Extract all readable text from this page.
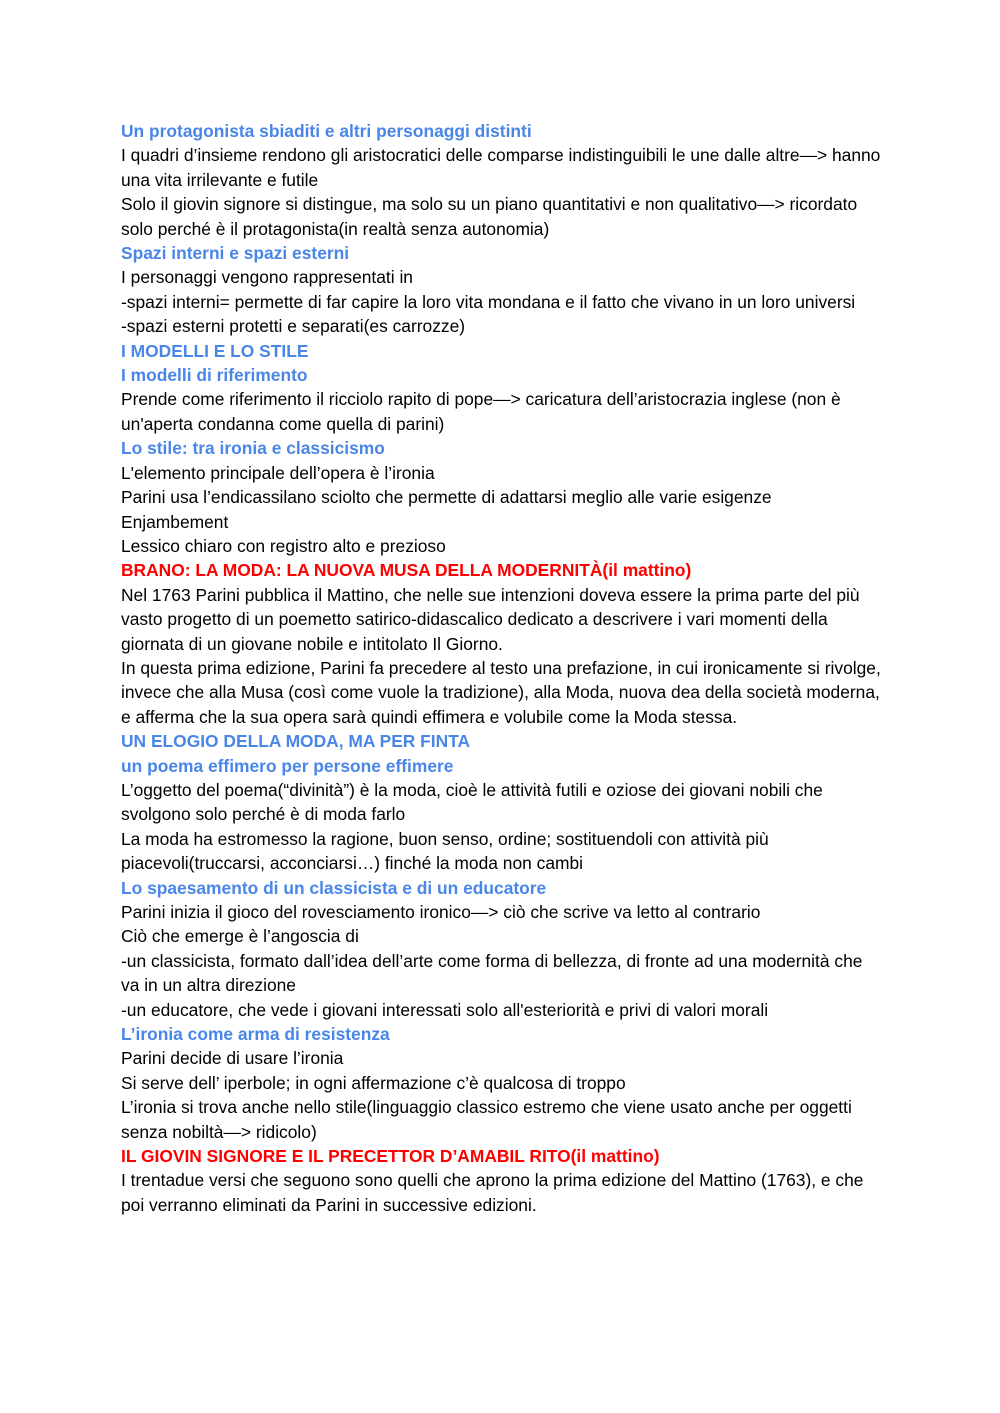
Un protagonista sbiaditi e altri personaggi distinti

I quadri d’insieme rendono gli aristocratici delle comparse indistinguibili le une dalle altre—> hanno una vita irrilevante e futile

Solo il giovin signore si distingue, ma solo su un piano quantitativi e non qualitativo—> ricordato solo perché è il protagonista(in realtà senza autonomia)

Spazi interni e spazi esterni

I personaggi vengono rappresentati in

-spazi interni= permette di far capire la loro vita mondana e il fatto che vivano in un loro universi

-spazi esterni protetti e separati(es carrozze)

I MODELLI E LO STILE

I modelli di riferimento

Prende come riferimento il ricciolo rapito di pope—> caricatura dell’aristocrazia inglese (non è un'aperta condanna come quella di parini)

Lo stile: tra ironia e classicismo

L'elemento principale dell’opera è l’ironia

Parini usa l’endicassilano sciolto che permette di adattarsi meglio alle varie esigenze

Enjambement

Lessico chiaro con registro alto e prezioso

BRANO: LA MODA: LA NUOVA MUSA DELLA MODERNITÀ(il mattino)

Nel 1763 Parini pubblica il Mattino, che nelle sue intenzioni doveva essere la prima parte del più vasto progetto di un poemetto satirico-didascalico dedicato a descrivere i vari momenti della giornata di un giovane nobile e intitolato Il Giorno.

In questa prima edizione, Parini fa precedere al testo una prefazione, in cui ironicamente si rivolge, invece che alla Musa (così come vuole la tradizione), alla Moda, nuova dea della società moderna, e afferma che la sua opera sarà quindi effimera e volubile come la Moda stessa.

UN ELOGIO DELLA MODA, MA PER FINTA

un poema effimero per persone effimere

L’oggetto del poema(“divinità”) è la moda, cioè le attività futili e oziose dei giovani nobili che svolgono solo perché è di moda farlo

La moda ha estromesso la ragione, buon senso, ordine; sostituendoli con attività più piacevoli(truccarsi, acconciarsi…) finché la moda non cambi

Lo spaesamento di un classicista e di un educatore

Parini inizia il gioco del rovesciamento ironico—> ciò che scrive va letto al contrario

Ciò che emerge è l’angoscia di

-un classicista, formato dall’idea dell’arte come forma di bellezza, di fronte ad una modernità che va in un altra direzione

-un educatore, che vede i giovani interessati solo all'esteriorità e privi di valori morali

L’ironia come arma di resistenza

Parini decide di usare l’ironia

Si serve dell’ iperbole; in ogni affermazione c’è qualcosa di troppo

L’ironia si trova anche nello stile(linguaggio classico estremo che viene usato anche per oggetti senza nobiltà—> ridicolo)

IL GIOVIN SIGNORE E IL PRECETTOR D’AMABIL RITO(il mattino)

I trentadue versi che seguono sono quelli che aprono la prima edizione del Mattino (1763), e che poi verranno eliminati da Parini in successive edizioni.
